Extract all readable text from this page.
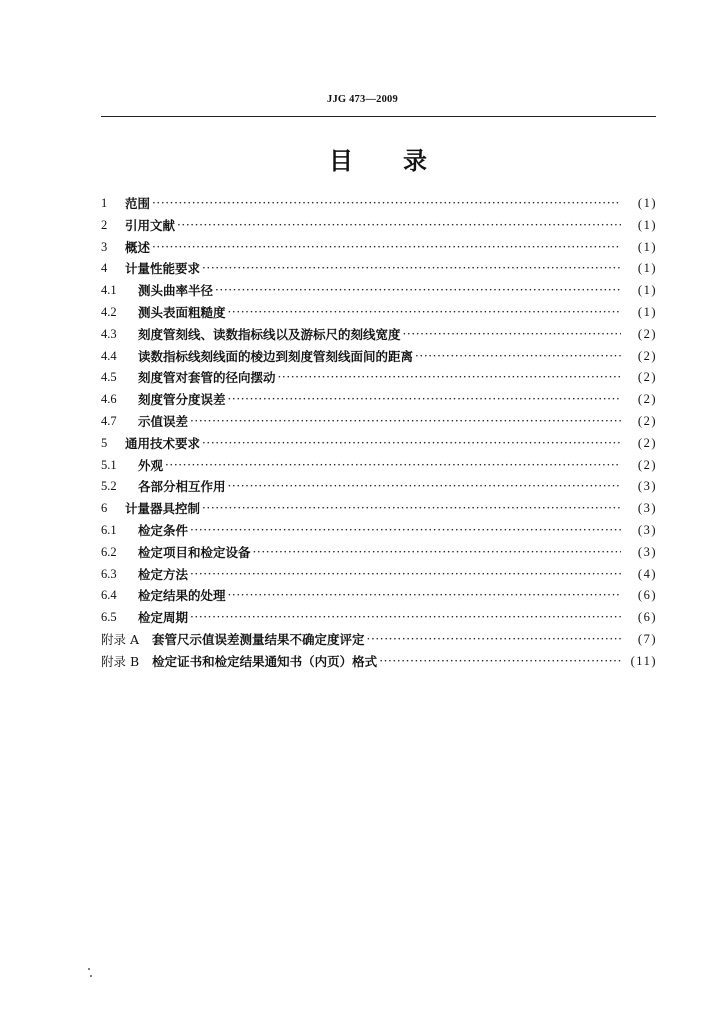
JJG 473—2009
目 录
1	范围 ·····	(1)
2	引用文献 ·····	(1)
3	概述 ·····	(1)
4	计量性能要求 ·····	(1)
4.1	测头曲率半径 ·····	(1)
4.2	测头表面粗糙度 ·····	(1)
4.3	刻度管刻线、读数指标线以及游标尺的刻线宽度 ·····	(2)
4.4	读数指标线刻线面的棱边到刻度管刻线面间的距离 ·····	(2)
4.5	刻度管对套管的径向摆动 ·····	(2)
4.6	刻度管分度误差 ·····	(2)
4.7	示值误差 ·····	(2)
5	通用技术要求 ·····	(2)
5.1	外观 ·····	(2)
5.2	各部分相互作用 ·····	(3)
6	计量器具控制 ·····	(3)
6.1	检定条件 ·····	(3)
6.2	检定项目和检定设备 ·····	(3)
6.3	检定方法 ·····	(4)
6.4	检定结果的处理 ·····	(6)
6.5	检定周期 ·····	(6)
附录 A 套管尺示值误差测量结果不确定度评定 ·····	(7)
附录 B 检定证书和检定结果通知书（内页）格式 ·····	(11)
